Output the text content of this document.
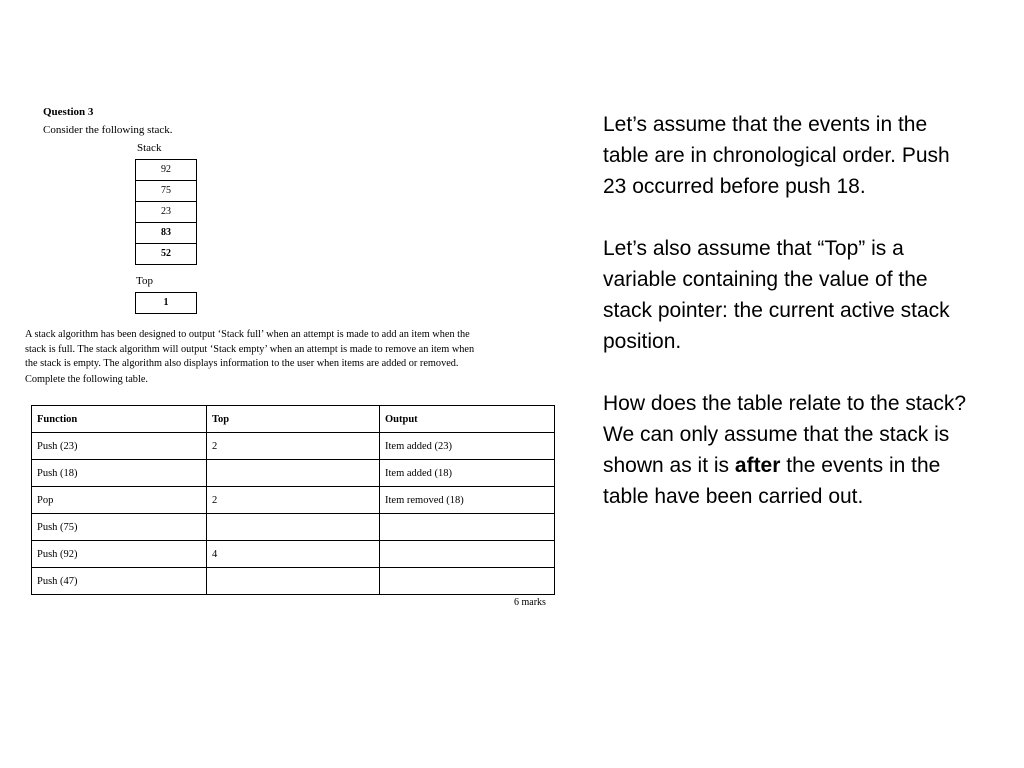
Question 3
Consider the following stack.
Stack
92
75
23
83
52
Top
1
A stack algorithm has been designed to output ‘Stack full’ when an attempt is made to add an item when the
stack is full. The stack algorithm will output ‘Stack empty’ when an attempt is made to remove an item when
the stack is empty. The algorithm also displays information to the user when items are added or removed.
Complete the following table.
Function	Top	Output
Push (23)	2	Item added (23)
Push (18)		Item added (18)
Pop	2	Item removed (18)
Push (75)		
Push (92)	4	
Push (47)		
6 marks

Let’s assume that the events in the table are in chronological order. Push 23 occurred before push 18.

Let’s also assume that “Top” is a variable containing the value of the stack pointer: the current active stack position.

How does the table relate to the stack? We can only assume that the stack is shown as it is after the events in the table have been carried out.
